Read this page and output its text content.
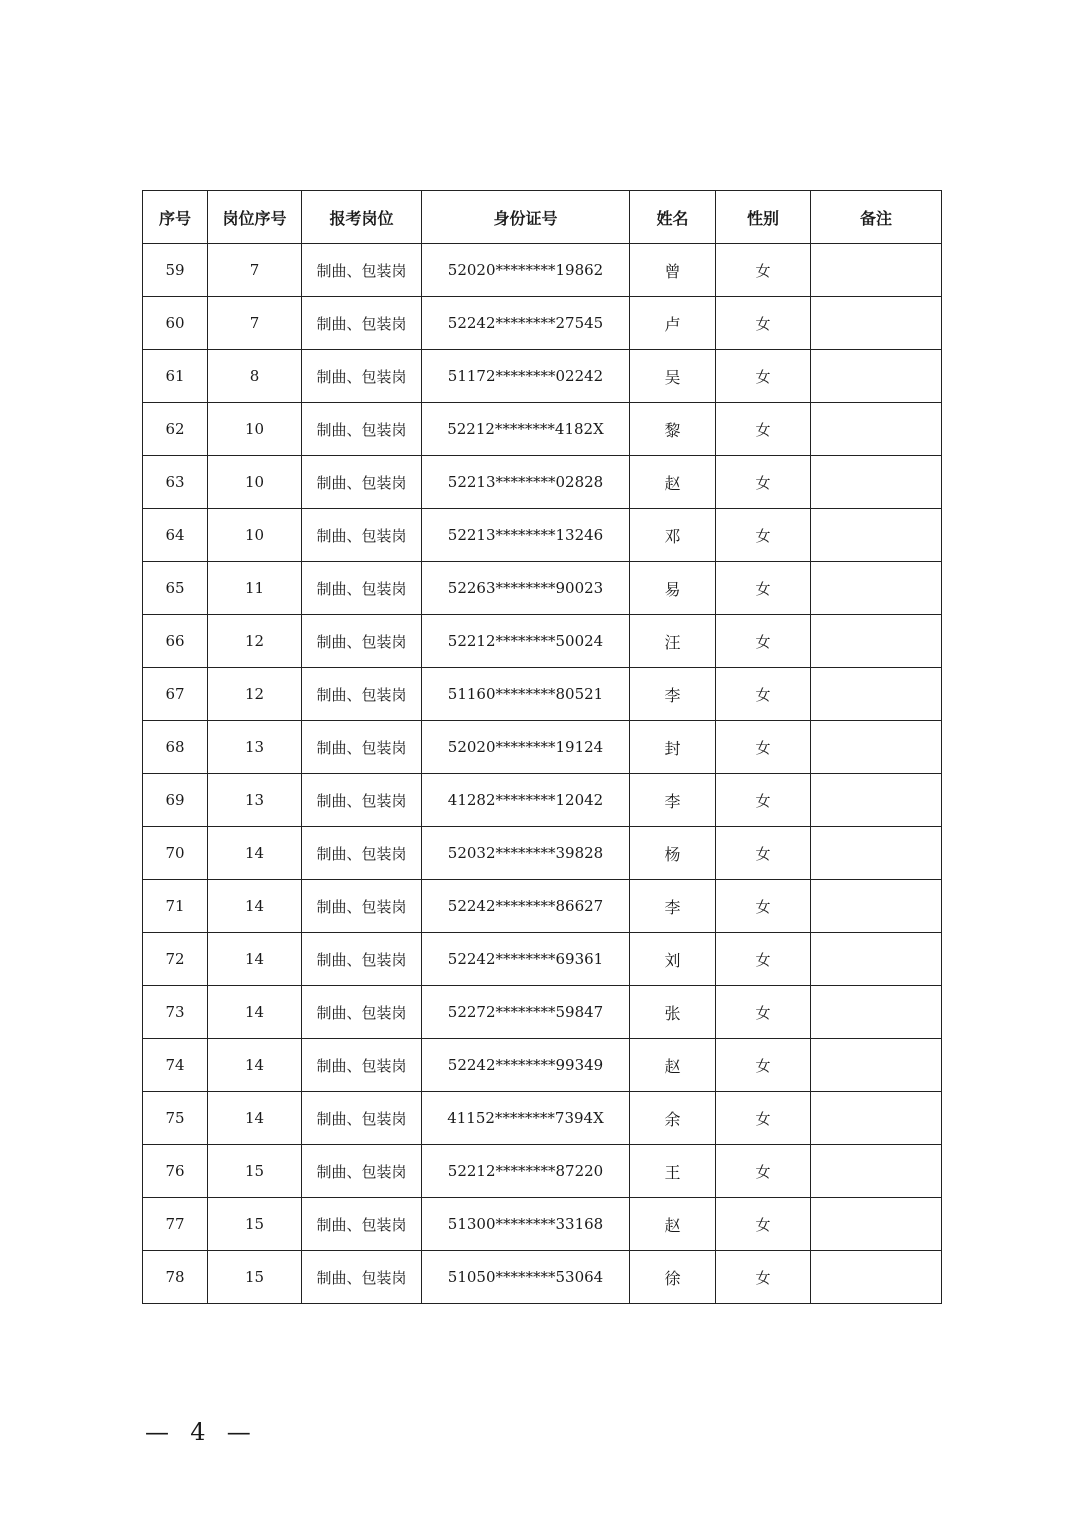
序号	岗位序号	报考岗位	身份证号	姓名	性别	备注
59	7	制曲、包装岗	52020********19862	曾	女	
60	7	制曲、包装岗	52242********27545	卢	女	
61	8	制曲、包装岗	51172********02242	吴	女	
62	10	制曲、包装岗	52212********4182X	黎	女	
63	10	制曲、包装岗	52213********02828	赵	女	
64	10	制曲、包装岗	52213********13246	邓	女	
65	11	制曲、包装岗	52263********90023	易	女	
66	12	制曲、包装岗	52212********50024	汪	女	
67	12	制曲、包装岗	51160********80521	李	女	
68	13	制曲、包装岗	52020********19124	封	女	
69	13	制曲、包装岗	41282********12042	李	女	
70	14	制曲、包装岗	52032********39828	杨	女	
71	14	制曲、包装岗	52242********86627	李	女	
72	14	制曲、包装岗	52242********69361	刘	女	
73	14	制曲、包装岗	52272********59847	张	女	
74	14	制曲、包装岗	52242********99349	赵	女	
75	14	制曲、包装岗	41152********7394X	余	女	
76	15	制曲、包装岗	52212********87220	王	女	
77	15	制曲、包装岗	51300********33168	赵	女	
78	15	制曲、包装岗	51050********53064	徐	女	
—  4  —
